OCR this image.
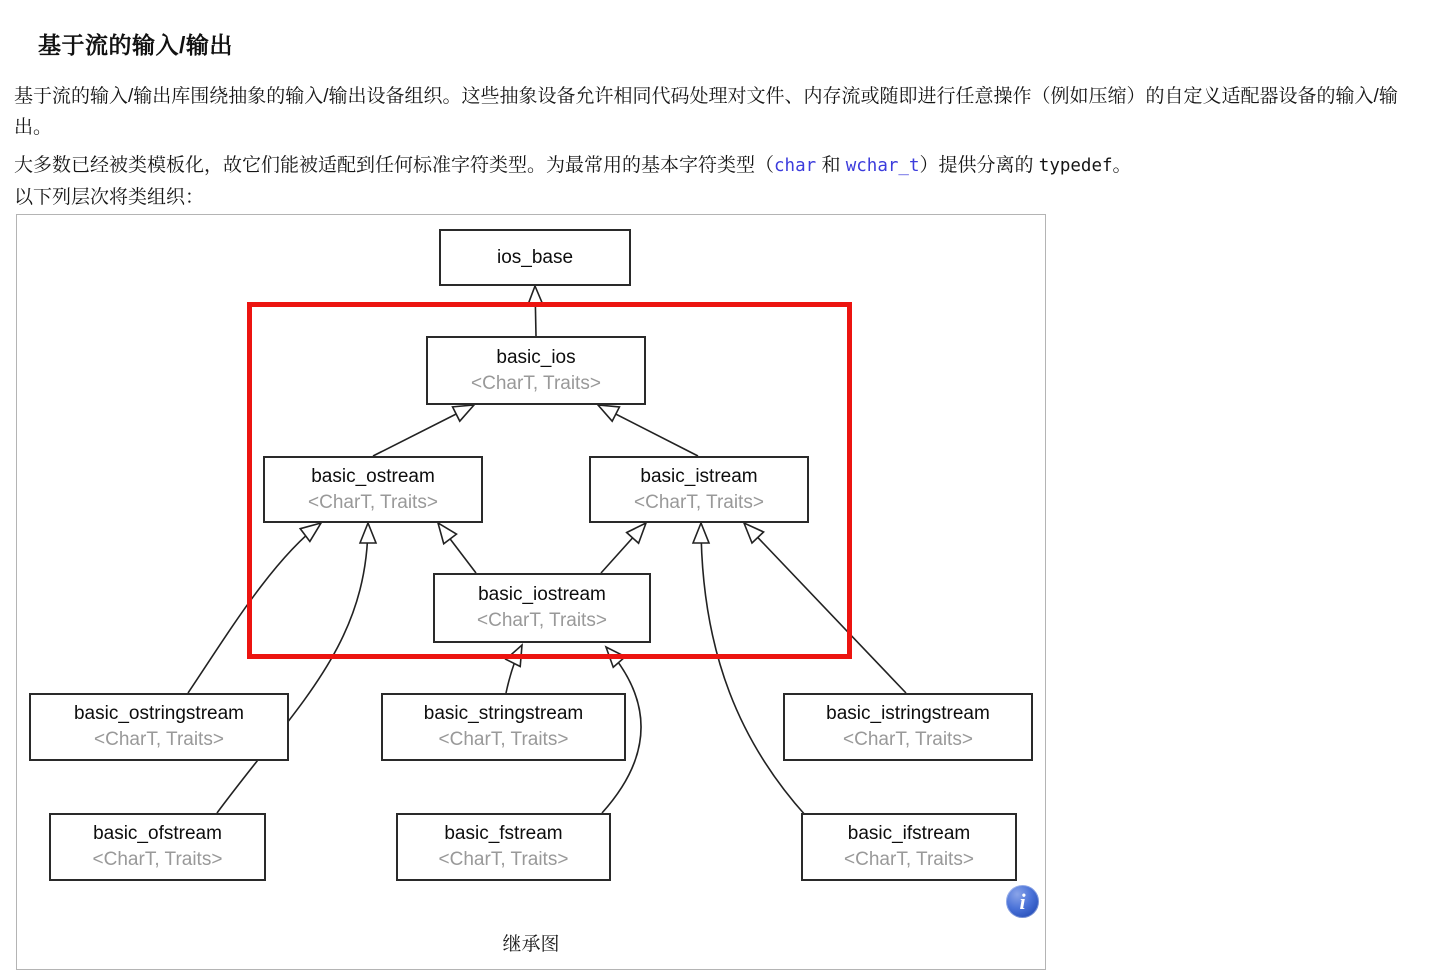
基于流的输入/输出

基于流的输入/输出库围绕抽象的输入/输出设备组织。这些抽象设备允许相同代码处理对文件、内存流或随即进行任意操作（例如压缩）的自定义适配器设备的输入/输出。

大多数已经被类模板化，故它们能被适配到任何标准字符类型。为最常用的基本字符类型（char 和 wchar_t）提供分离的 typedef。
以下列层次将类组织：

ios_base
basic_ios
<CharT, Traits>
basic_ostream
<CharT, Traits>
basic_istream
<CharT, Traits>
basic_iostream
<CharT, Traits>
basic_ostringstream
<CharT, Traits>
basic_stringstream
<CharT, Traits>
basic_istringstream
<CharT, Traits>
basic_ofstream
<CharT, Traits>
basic_fstream
<CharT, Traits>
basic_ifstream
<CharT, Traits>
继承图
i
